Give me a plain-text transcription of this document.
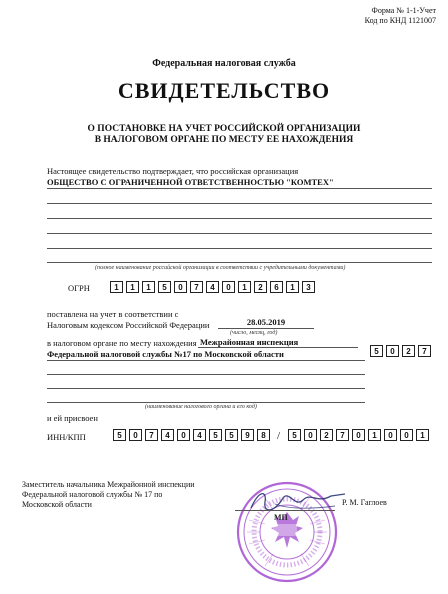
Форма № 1-1-Учет
Код по КНД 1121007
Федеральная налоговая служба
СВИДЕТЕЛЬСТВО
О ПОСТАНОВКЕ НА УЧЕТ РОССИЙСКОЙ ОРГАНИЗАЦИИ
В НАЛОГОВОМ ОРГАНЕ ПО МЕСТУ ЕЕ НАХОЖДЕНИЯ
Настоящее свидетельство подтверждает, что российская организация
ОБЩЕСТВО С ОГРАНИЧЕННОЙ ОТВЕТСТВЕННОСТЬЮ "КОМТЕХ"
(полное наименование российской организации в соответствии с учредительными документами)
ОГРН	1	1	1	5	0	7	4	0	1	2	6	1	3
поставлена на учет в соответствии с
Налоговым кодексом Российской Федерации	28.05.2019
(число, месяц, год)
в налоговом органе по месту нахождения Межрайонная инспекция
Федеральной налоговой службы №17 по Московской области	5	0	2	7
(наименование налогового органа и его код)
и ей присвоен
ИНН/КПП	5	0	7	4	0	4	5	5	9	8	/	5	0	2	7	0	1	0	0	1
Заместитель начальника Межрайонной инспекции
Федеральной налоговой службы № 17 по
Московской области
МП
Р. М. Гаглоев
